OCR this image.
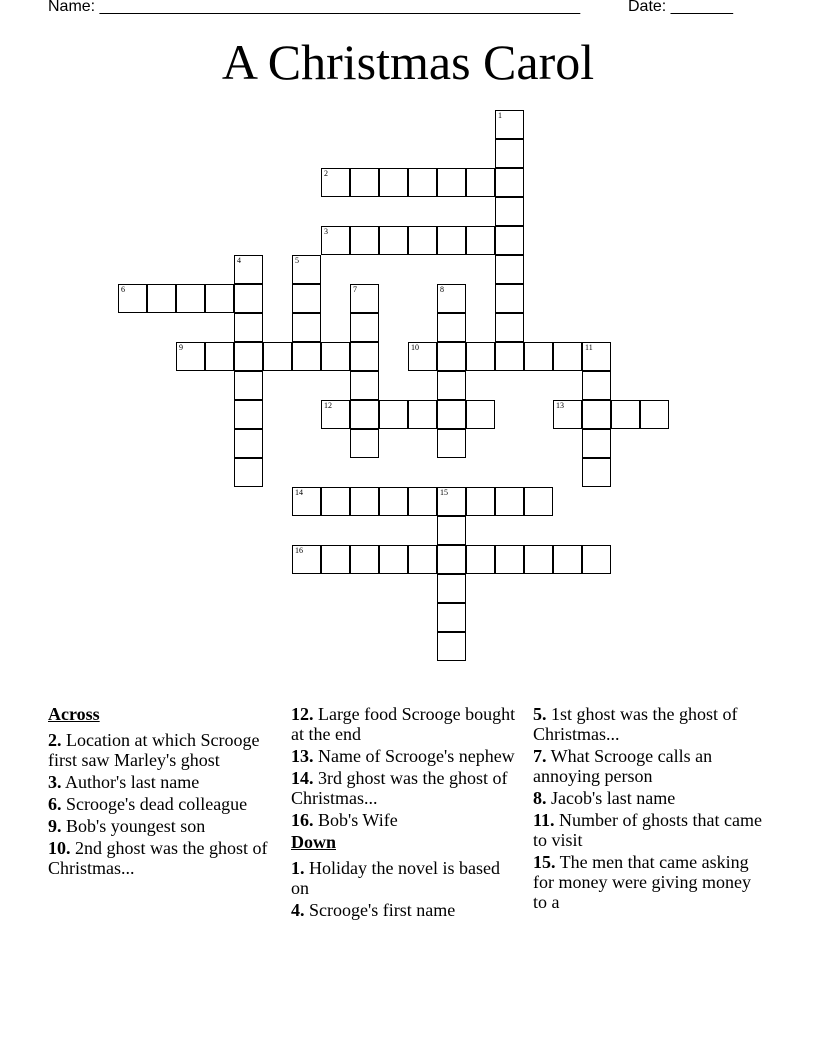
Name: ______________________________________________________	Date: _______
A Christmas Carol
1
2
3
4	5
6	7	8
9	10	11
12	13
14	15
16
Across
2. Location at which Scrooge first saw Marley's ghost
3. Author's last name
6. Scrooge's dead colleague
9. Bob's youngest son
10. 2nd ghost was the ghost of Christmas...
12. Large food Scrooge bought at the end
13. Name of Scrooge's nephew
14. 3rd ghost was the ghost of Christmas...
16. Bob's Wife
Down
1. Holiday the novel is based on
4. Scrooge's first name
5. 1st ghost was the ghost of Christmas...
7. What Scrooge calls an annoying person
8. Jacob's last name
11. Number of ghosts that came to visit
15. The men that came asking for money were giving money to a
